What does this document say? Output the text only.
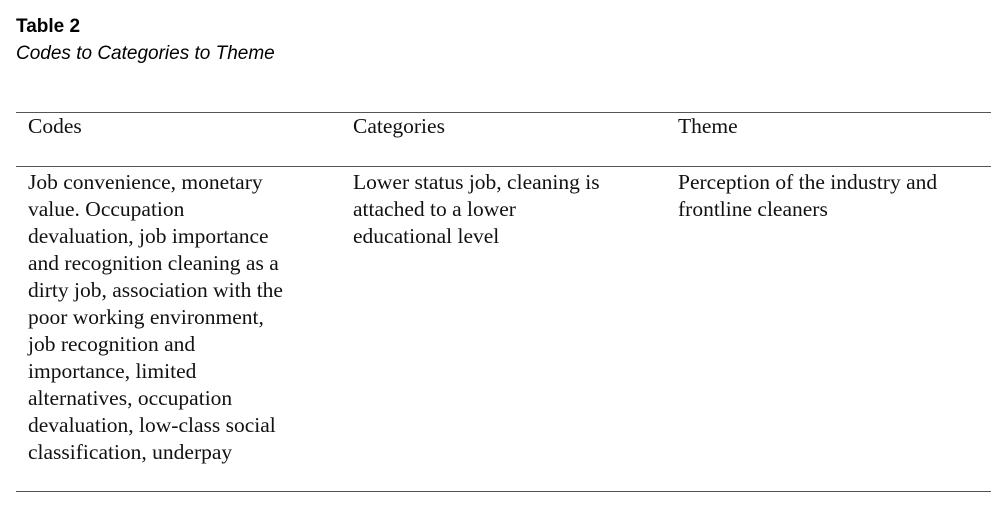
Table 2
Codes to Categories to Theme
Codes	Categories	Theme
Job convenience, monetary
value. Occupation
devaluation, job importance
and recognition cleaning as a
dirty job, association with the
poor working environment,
job recognition and
importance, limited
alternatives, occupation
devaluation, low-class social
classification, underpay
Lower status job, cleaning is
attached to a lower
educational level
Perception of the industry and
frontline cleaners
